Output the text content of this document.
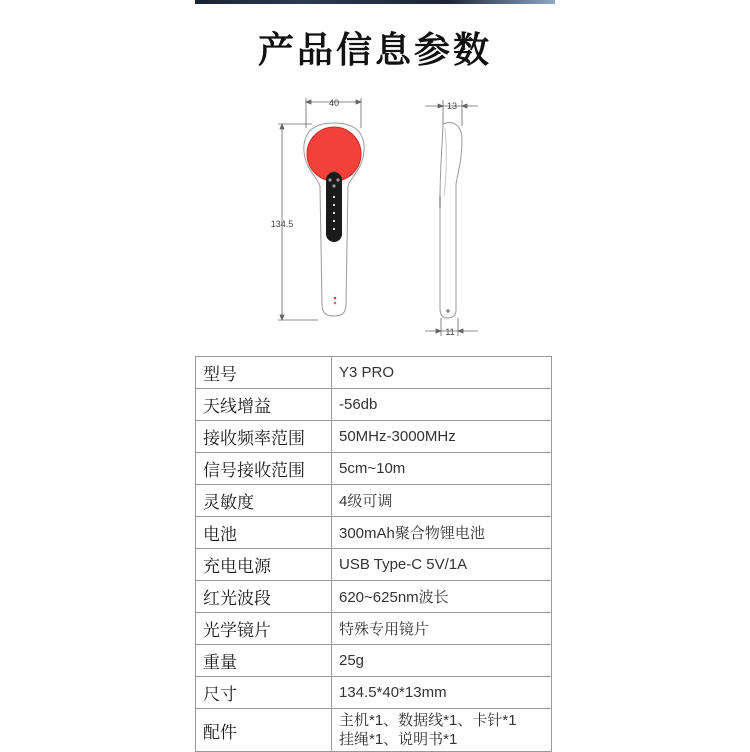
产品信息参数
40
134.5
13
11
型号	Y3 PRO
天线增益	-56db
接收频率范围	50MHz-3000MHz
信号接收范围	5cm~10m
灵敏度	4级可调
电池	300mAh聚合物锂电池
充电电源	USB Type-C 5V/1A
红光波段	620~625nm波长
光学镜片	特殊专用镜片
重量	25g
尺寸	134.5*40*13mm
配件	主机*1、数据线*1、卡针*1
挂绳*1、说明书*1
